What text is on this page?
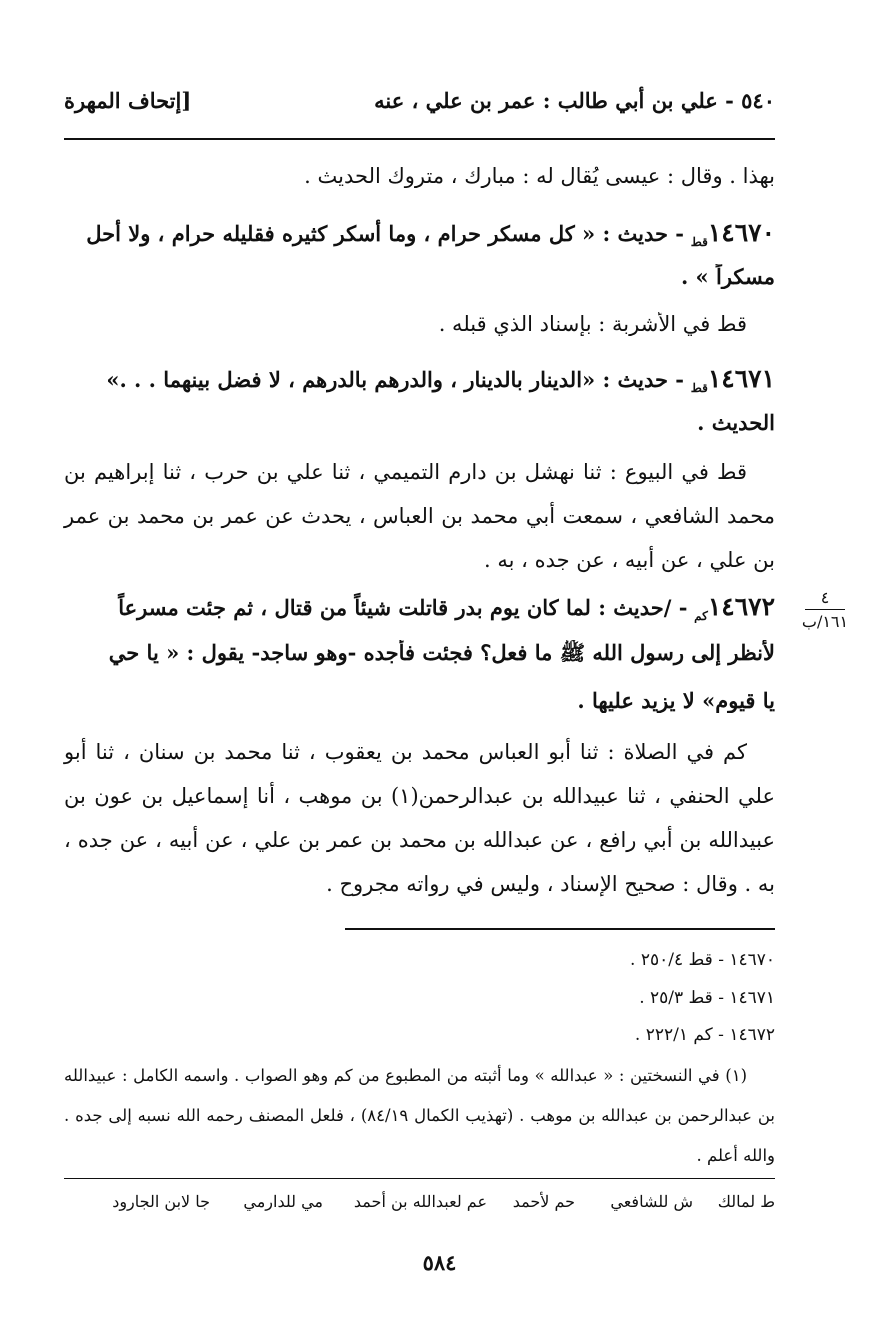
٥٤٠ - علي بن أبي طالب : عمر بن علي ، عنه
[إتحاف المهرة
بهذا . وقال : عيسى يُقال له : مبارك ، متروك الحديث .
$١٤٦٧٠_{قط}$ - حديث : « كل مسكر حرام ، وما أسكر كثيره فقليله حرام ، ولا أحل
مسكراً » .
قط في الأشربة : بإسناد الذي قبله .
$١٤٦٧١_{قط}$ - حديث : «الدينار بالدينار ، والدرهم بالدرهم ، لا فضل بينهما . . .»
الحديث .
قط في البيوع : ثنا نهشل بن دارم التميمي ، ثنا علي بن حرب ، ثنا إبراهيم بن محمد الشافعي ، سمعت أبي محمد بن العباس ، يحدث عن عمر بن محمد بن عمر بن علي ، عن أبيه ، عن جده ، به .
٤
١٦١/ب
$١٤٦٧٢_{كم}$ - /حديث : لما كان يوم بدر قاتلت شيئاً من قتال ، ثم جئت مسرعاً
لأنظر إلى رسول الله ﷺ ما فعل؟ فجئت فأجده -وهو ساجد- يقول : « يا حي
يا قيوم» لا يزيد عليها .
كم في الصلاة : ثنا أبو العباس محمد بن يعقوب ، ثنا محمد بن سنان ، ثنا أبو علي الحنفي ، ثنا عبيدالله بن عبدالرحمن(١) بن موهب ، أنا إسماعيل بن عون بن عبيدالله بن أبي رافع ، عن عبدالله بن محمد بن عمر بن علي ، عن أبيه ، عن جده ، به . وقال : صحيح الإسناد ، وليس في رواته مجروح .
١٤٦٧٠ - قط ٢٥٠/٤ .
١٤٦٧١ - قط ٢٥/٣ .
١٤٦٧٢ - كم ٢٢٢/١ .
(١) في النسختين : « عبدالله » وما أثبته من المطبوع من كم وهو الصواب . واسمه الكامل : عبيدالله بن عبدالرحمن بن عبدالله بن موهب . (تهذيب الكمال ٨٤/١٩) ، فلعل المصنف رحمه الله نسبه إلى جده . والله أعلم .
ط لمالك
ش للشافعي
حم لأحمد
عم لعبدالله بن أحمد
مي للدارمي
جا لابن الجارود
٥٨٤
